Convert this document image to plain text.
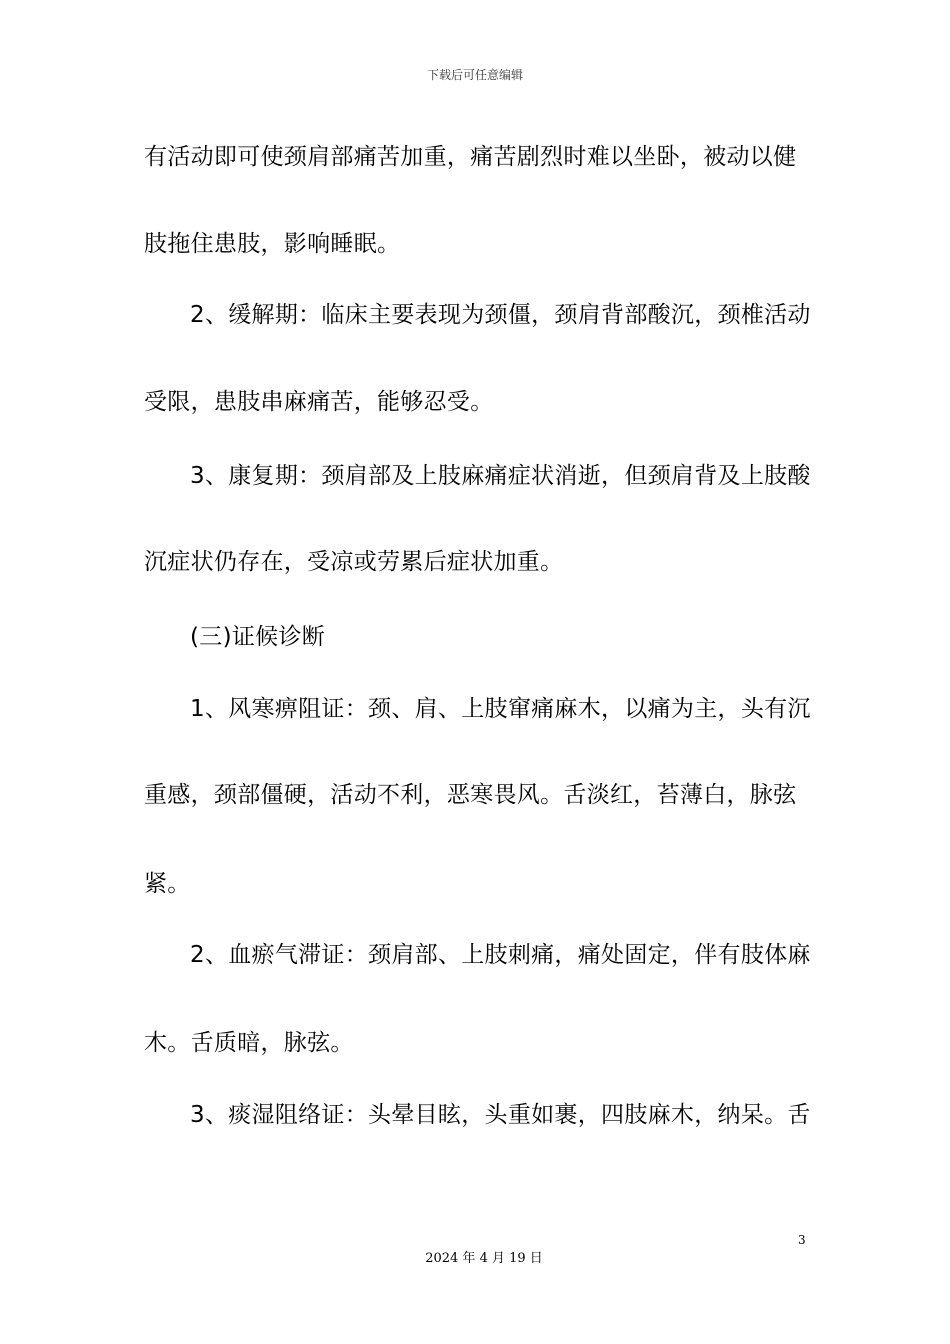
下载后可任意编辑
有活动即可使颈肩部痛苦加重，痛苦剧烈时难以坐卧，被动以健
肢拖住患肢，影响睡眠。
2、缓解期：临床主要表现为颈僵，颈肩背部酸沉，颈椎活动
受限，患肢串麻痛苦，能够忍受。
3、康复期：颈肩部及上肢麻痛症状消逝，但颈肩背及上肢酸
沉症状仍存在，受凉或劳累后症状加重。
(三)证候诊断
1、风寒痹阻证：颈、肩、上肢窜痛麻木，以痛为主，头有沉
重感，颈部僵硬，活动不利，恶寒畏风。舌淡红，苔薄白，脉弦
紧。
2、血瘀气滞证：颈肩部、上肢刺痛，痛处固定，伴有肢体麻
木。舌质暗，脉弦。
3、痰湿阻络证：头晕目眩，头重如裹，四肢麻木，纳呆。舌
3
2024 年 4 月 19 日
